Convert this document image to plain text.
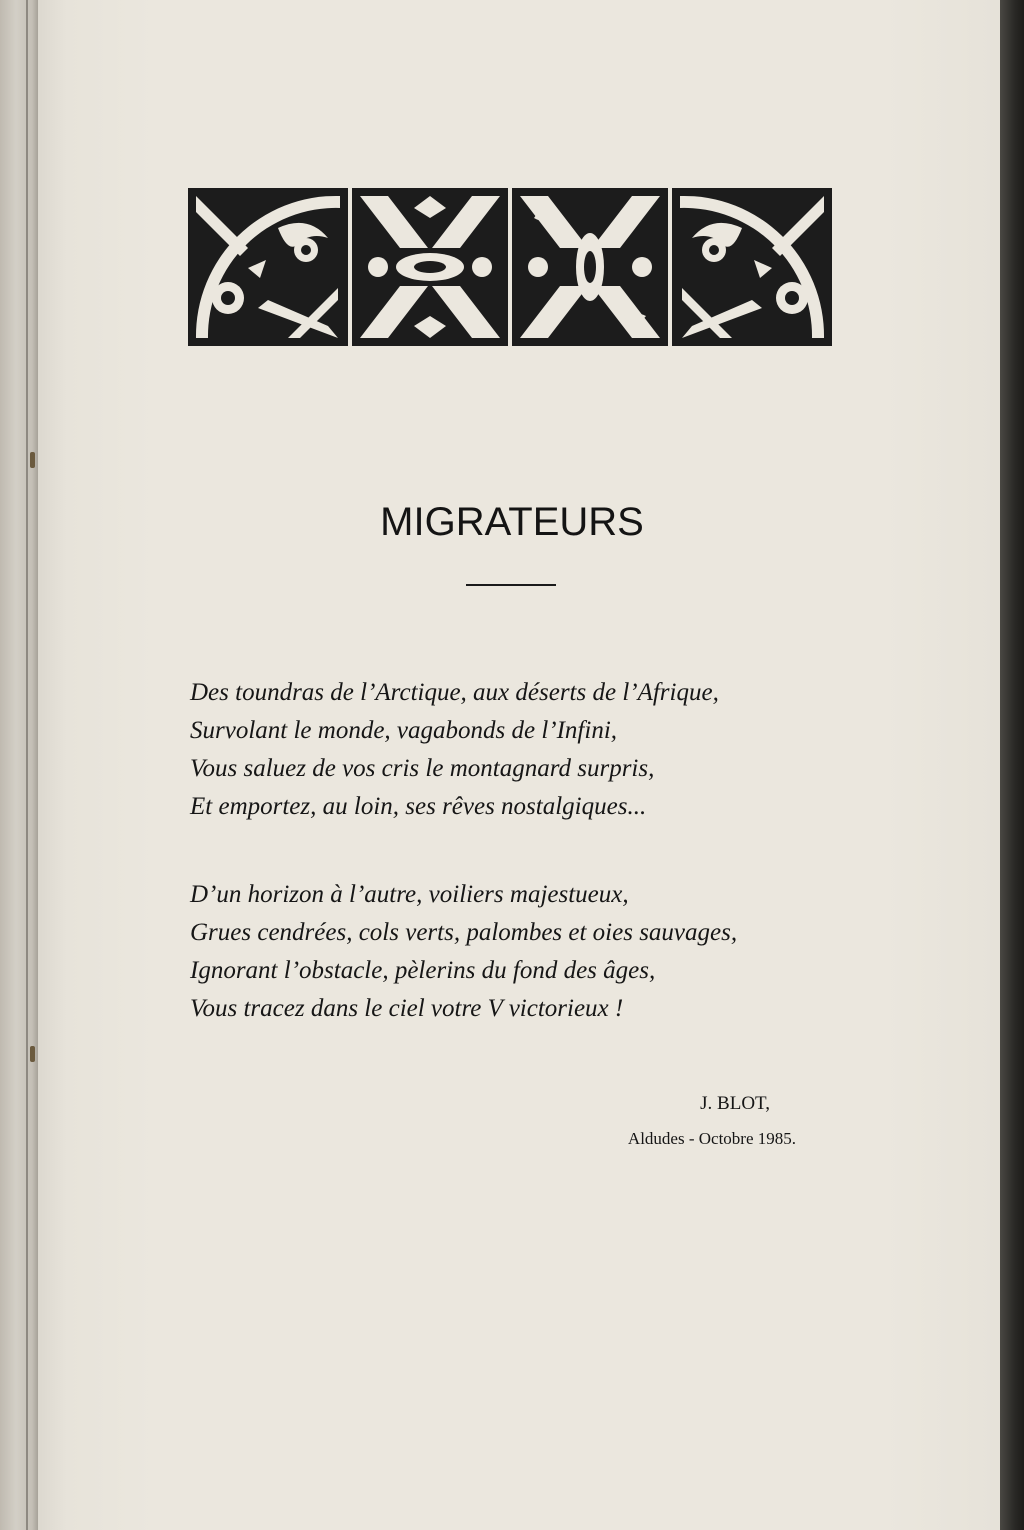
MIGRATEURS
Des toundras de l’Arctique, aux déserts de l’Afrique,
Survolant le monde, vagabonds de l’Infini,
Vous saluez de vos cris le montagnard surpris,
Et emportez, au loin, ses rêves nostalgiques...
D’un horizon à l’autre, voiliers majestueux,
Grues cendrées, cols verts, palombes et oies sauvages,
Ignorant l’obstacle, pèlerins du fond des âges,
Vous tracez dans le ciel votre V victorieux !
J. BLOT,
Aldudes - Octobre 1985.
